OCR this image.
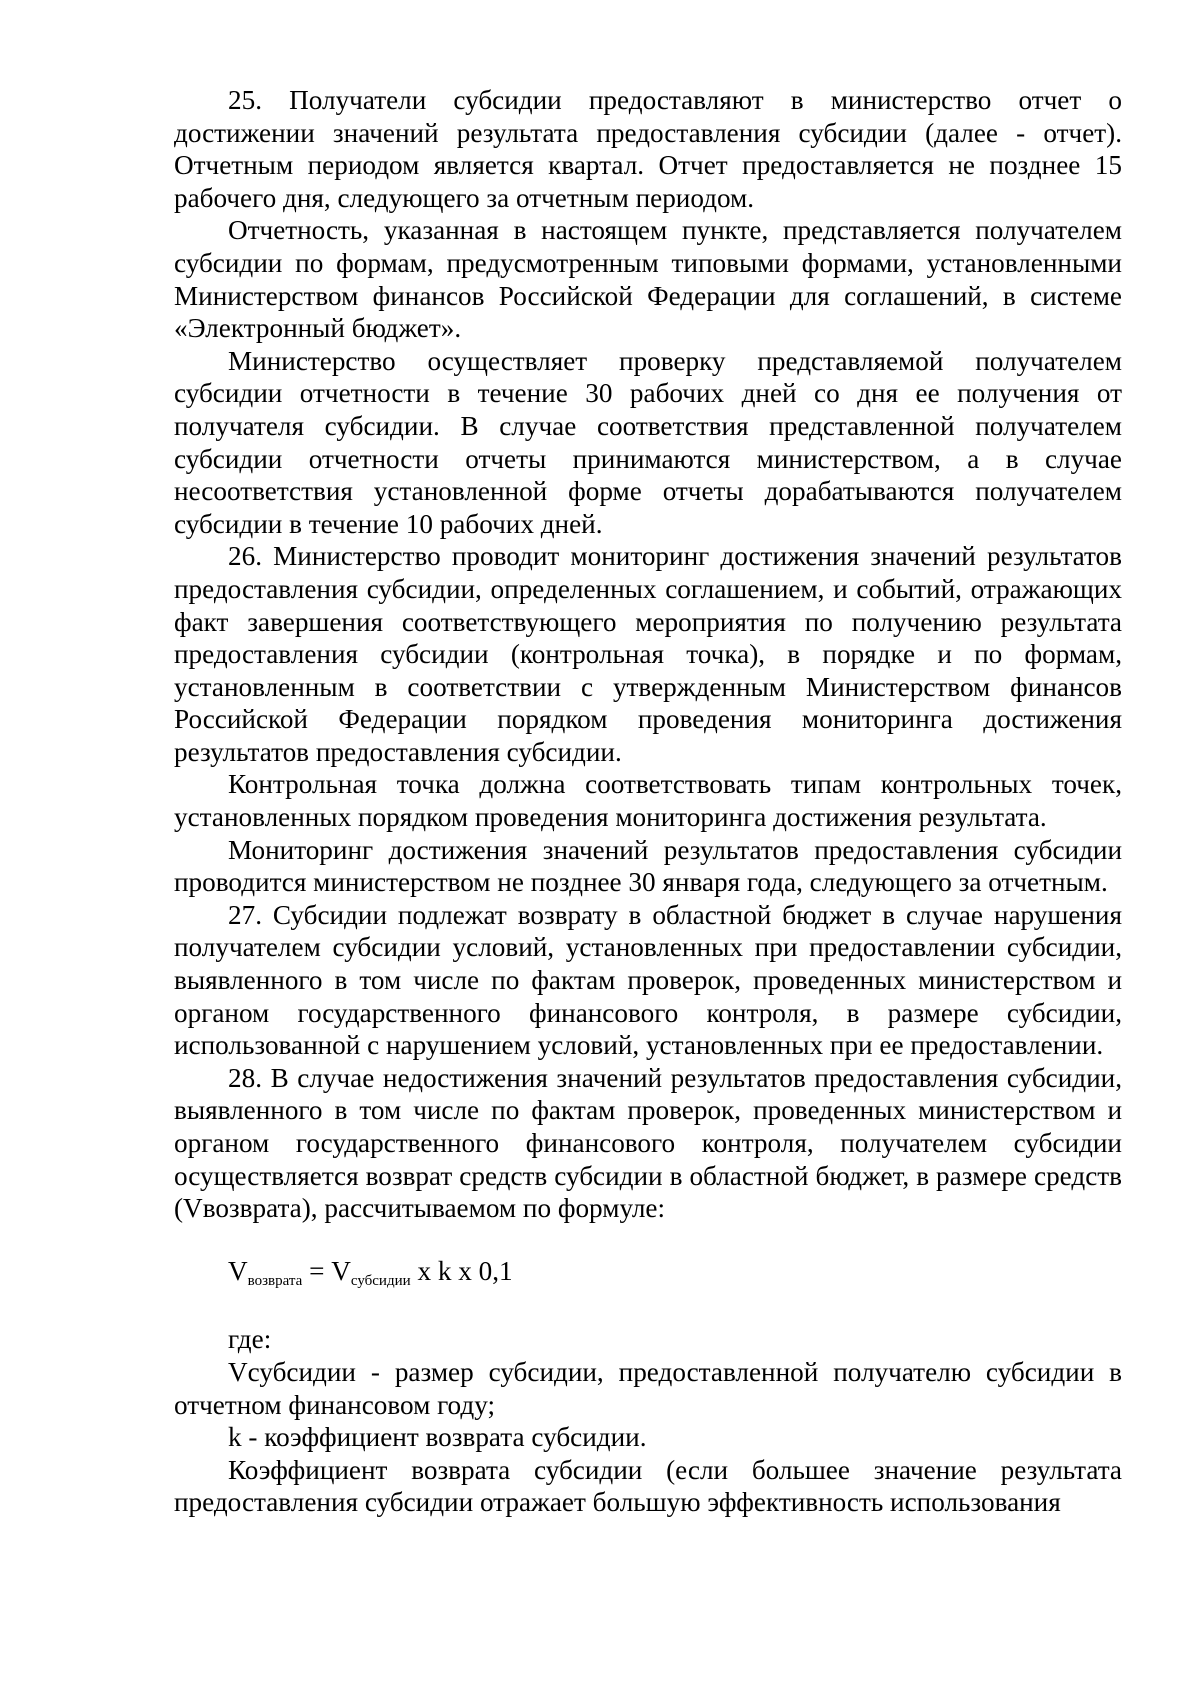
25. Получатели субсидии предоставляют в министерство отчет о достижении значений результата предоставления субсидии (далее - отчет). Отчетным периодом является квартал. Отчет предоставляется не позднее 15 рабочего дня, следующего за отчетным периодом.

Отчетность, указанная в настоящем пункте, представляется получателем субсидии по формам, предусмотренным типовыми формами, установленными Министерством финансов Российской Федерации для соглашений, в системе «Электронный бюджет».

Министерство осуществляет проверку представляемой получателем субсидии отчетности в течение 30 рабочих дней со дня ее получения от получателя субсидии. В случае соответствия представленной получателем субсидии отчетности отчеты принимаются министерством, а в случае несоответствия установленной форме отчеты дорабатываются получателем субсидии в течение 10 рабочих дней.

26. Министерство проводит мониторинг достижения значений результатов предоставления субсидии, определенных соглашением, и событий, отражающих факт завершения соответствующего мероприятия по получению результата предоставления субсидии (контрольная точка), в порядке и по формам, установленным в соответствии с утвержденным Министерством финансов Российской Федерации порядком проведения мониторинга достижения результатов предоставления субсидии.

Контрольная точка должна соответствовать типам контрольных точек, установленных порядком проведения мониторинга достижения результата.

Мониторинг достижения значений результатов предоставления субсидии проводится министерством не позднее 30 января года, следующего за отчетным.

27. Субсидии подлежат возврату в областной бюджет в случае нарушения получателем субсидии условий, установленных при предоставлении субсидии, выявленного в том числе по фактам проверок, проведенных министерством и органом государственного финансового контроля, в размере субсидии, использованной с нарушением условий, установленных при ее предоставлении.

28. В случае недостижения значений результатов предоставления субсидии, выявленного в том числе по фактам проверок, проведенных министерством и органом государственного финансового контроля, получателем субсидии осуществляется возврат средств субсидии в областной бюджет, в размере средств (Vвозврата), рассчитываемом по формуле:

$V_{возврата} = V_{субсидии}$ x k x 0,1

где:

Vсубсидии - размер субсидии, предоставленной получателю субсидии в отчетном финансовом году;

k - коэффициент возврата субсидии.

Коэффициент возврата субсидии (если большее значение результата предоставления субсидии отражает большую эффективность использования
